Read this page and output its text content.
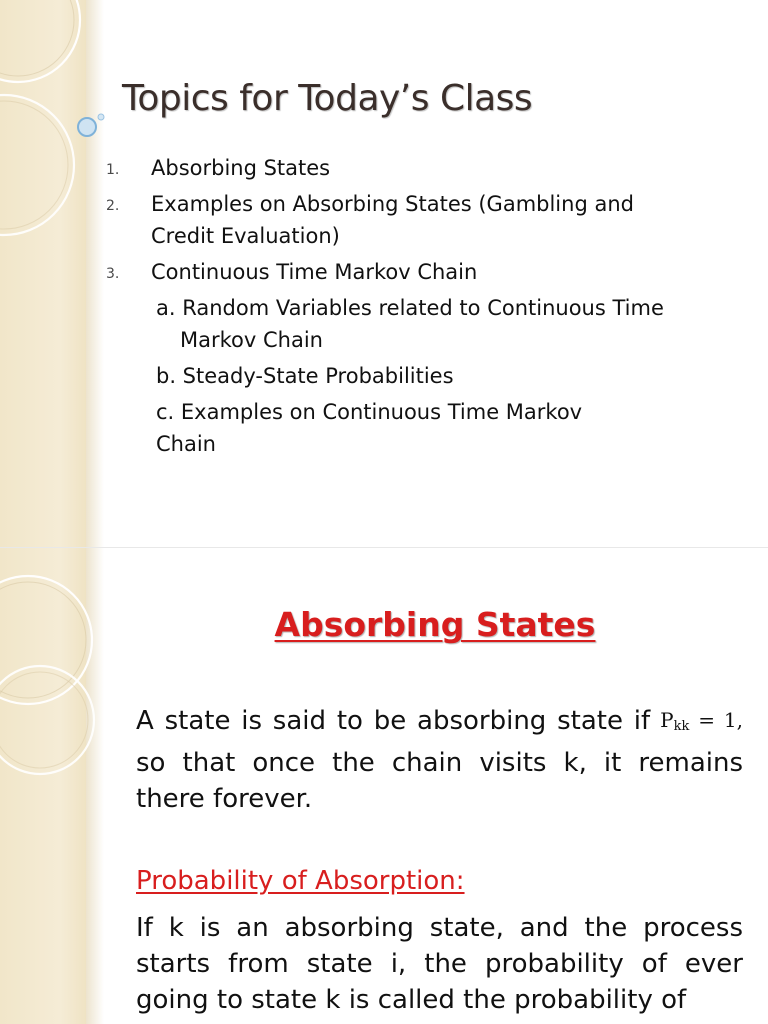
Topics for Today’s Class
1. Absorbing States
2. Examples on Absorbing States (Gambling and
Credit Evaluation)
3. Continuous Time Markov Chain
a. Random Variables related to Continuous Time
Markov Chain
b. Steady-State Probabilities
c. Examples on Continuous Time Markov
Chain
Absorbing States
A state is said to be absorbing state if $P_{kk} = 1$, so that once the chain visits k, it remains there forever.
Probability of Absorption:
If k is an absorbing state, and the process starts from state i, the probability of ever going to state k is called the probability of
